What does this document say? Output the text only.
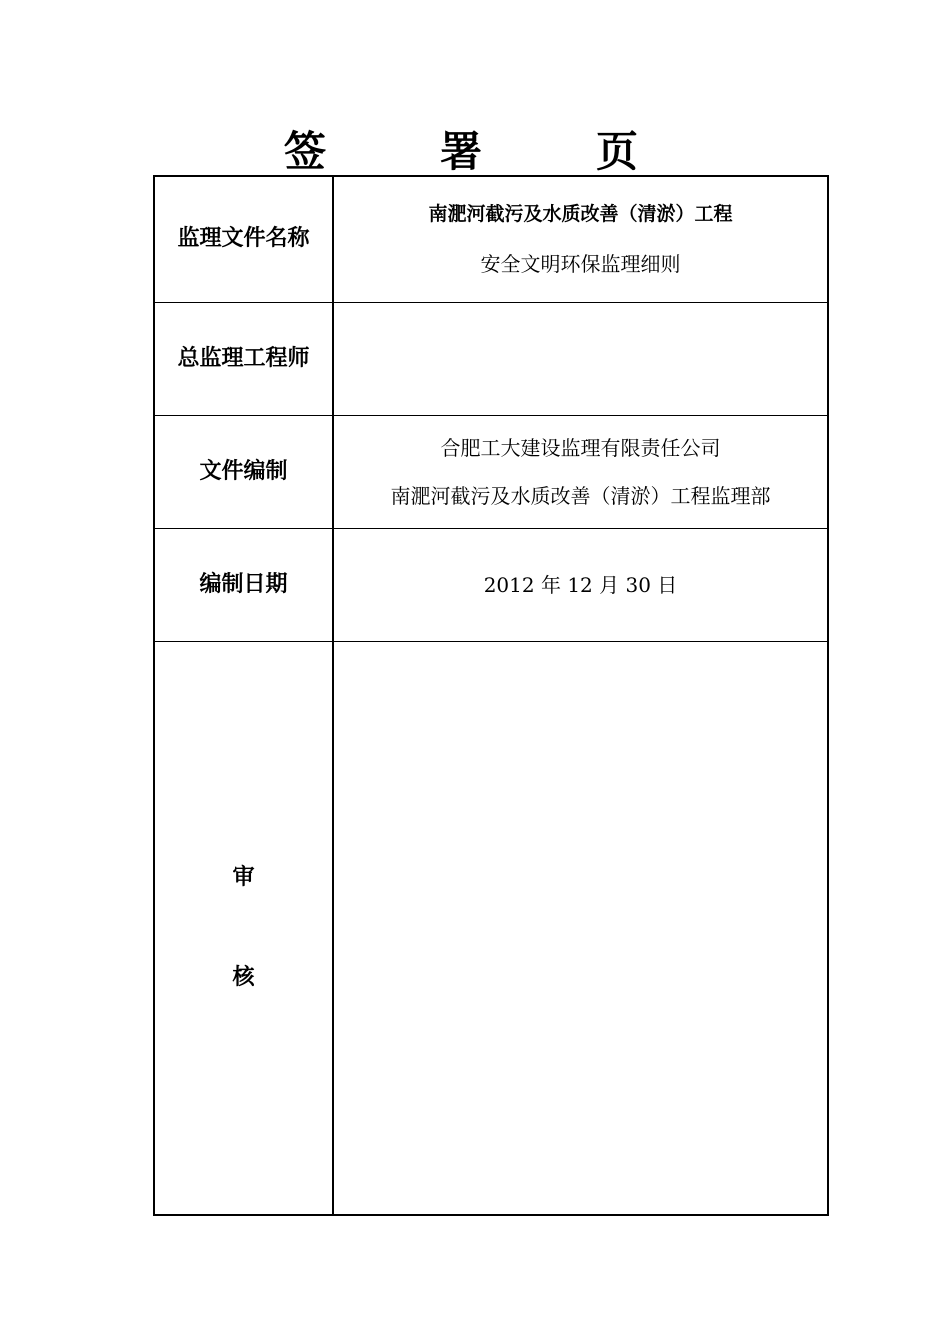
签　署　页
监理文件名称	南淝河截污及水质改善（清淤）工程
安全文明环保监理细则

总监理工程师	

文件编制	合肥工大建设监理有限责任公司
南淝河截污及水质改善（清淤）工程监理部

编制日期	2012 年 12 月 30 日

审
核	
